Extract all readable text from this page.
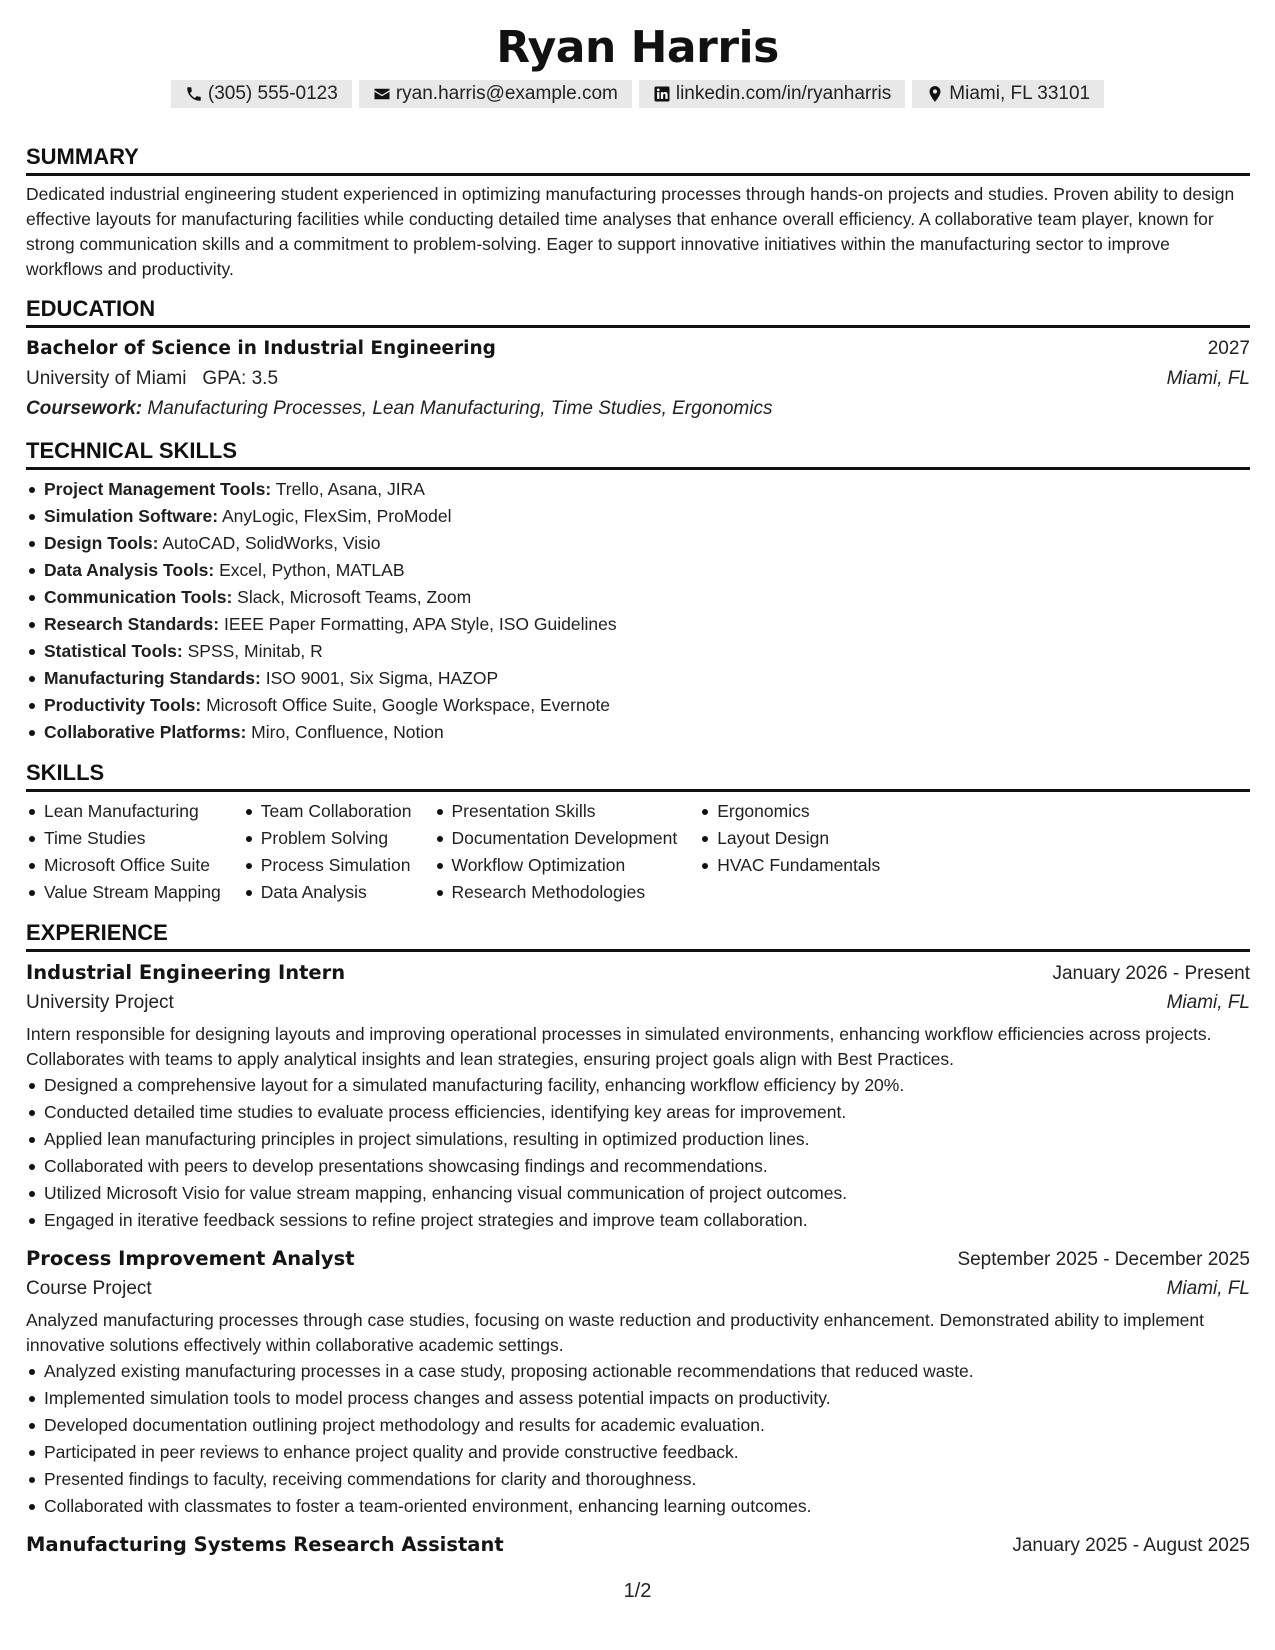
Ryan Harris
(305) 555-0123	ryan.harris@example.com	linkedin.com/in/ryanharris	Miami, FL 33101
SUMMARY
Dedicated industrial engineering student experienced in optimizing manufacturing processes through hands-on projects and studies. Proven ability to design effective layouts for manufacturing facilities while conducting detailed time analyses that enhance overall efficiency. A collaborative team player, known for strong communication skills and a commitment to problem-solving. Eager to support innovative initiatives within the manufacturing sector to improve workflows and productivity.
EDUCATION
Bachelor of Science in Industrial Engineering	2027
University of Miami GPA: 3.5	Miami, FL
Coursework: Manufacturing Processes, Lean Manufacturing, Time Studies, Ergonomics
TECHNICAL SKILLS
Project Management Tools: Trello, Asana, JIRA
Simulation Software: AnyLogic, FlexSim, ProModel
Design Tools: AutoCAD, SolidWorks, Visio
Data Analysis Tools: Excel, Python, MATLAB
Communication Tools: Slack, Microsoft Teams, Zoom
Research Standards: IEEE Paper Formatting, APA Style, ISO Guidelines
Statistical Tools: SPSS, Minitab, R
Manufacturing Standards: ISO 9001, Six Sigma, HAZOP
Productivity Tools: Microsoft Office Suite, Google Workspace, Evernote
Collaborative Platforms: Miro, Confluence, Notion
SKILLS
Lean Manufacturing
Time Studies
Microsoft Office Suite
Value Stream Mapping
Team Collaboration
Problem Solving
Process Simulation
Data Analysis
Presentation Skills
Documentation Development
Workflow Optimization
Research Methodologies
Ergonomics
Layout Design
HVAC Fundamentals
EXPERIENCE
Industrial Engineering Intern	January 2026 - Present
University Project	Miami, FL
Intern responsible for designing layouts and improving operational processes in simulated environments, enhancing workflow efficiencies across projects. Collaborates with teams to apply analytical insights and lean strategies, ensuring project goals align with Best Practices.
Designed a comprehensive layout for a simulated manufacturing facility, enhancing workflow efficiency by 20%.
Conducted detailed time studies to evaluate process efficiencies, identifying key areas for improvement.
Applied lean manufacturing principles in project simulations, resulting in optimized production lines.
Collaborated with peers to develop presentations showcasing findings and recommendations.
Utilized Microsoft Visio for value stream mapping, enhancing visual communication of project outcomes.
Engaged in iterative feedback sessions to refine project strategies and improve team collaboration.
Process Improvement Analyst	September 2025 - December 2025
Course Project	Miami, FL
Analyzed manufacturing processes through case studies, focusing on waste reduction and productivity enhancement. Demonstrated ability to implement innovative solutions effectively within collaborative academic settings.
Analyzed existing manufacturing processes in a case study, proposing actionable recommendations that reduced waste.
Implemented simulation tools to model process changes and assess potential impacts on productivity.
Developed documentation outlining project methodology and results for academic evaluation.
Participated in peer reviews to enhance project quality and provide constructive feedback.
Presented findings to faculty, receiving commendations for clarity and thoroughness.
Collaborated with classmates to foster a team-oriented environment, enhancing learning outcomes.
Manufacturing Systems Research Assistant	January 2025 - August 2025
1/2
